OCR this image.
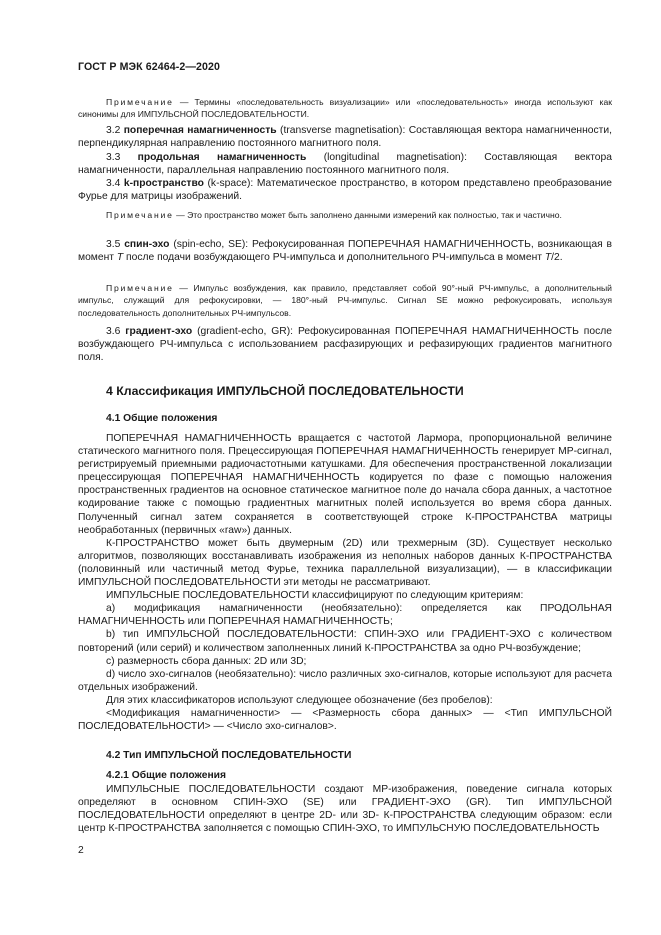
ГОСТ Р МЭК 62464-2—2020
Примечание — Термины «последовательность визуализации» или «последовательность» иногда используют как синонимы для ИМПУЛЬСНОЙ ПОСЛЕДОВАТЕЛЬНОСТИ.
3.2 поперечная намагниченность (transverse magnetisation): Составляющая вектора намагниченности, перпендикулярная направлению постоянного магнитного поля.
3.3 продольная намагниченность (longitudinal magnetisation): Составляющая вектора намагниченности, параллельная направлению постоянного магнитного поля.
3.4 k-пространство (k-space): Математическое пространство, в котором представлено преобразование Фурье для матрицы изображений.
Примечание — Это пространство может быть заполнено данными измерений как полностью, так и частично.
3.5 спин-эхо (spin-echo, SE): Рефокусированная ПОПЕРЕЧНАЯ НАМАГНИЧЕННОСТЬ, возникающая в момент T после подачи возбуждающего РЧ-импульса и дополнительного РЧ-импульса в момент T/2.
Примечание — Импульс возбуждения, как правило, представляет собой 90°-ный РЧ-импульс, а дополнительный импульс, служащий для рефокусировки, — 180°-ный РЧ-импульс. Сигнал SE можно рефокусировать, используя последовательность дополнительных РЧ-импульсов.
3.6 градиент-эхо (gradient-echo, GR): Рефокусированная ПОПЕРЕЧНАЯ НАМАГНИЧЕННОСТЬ после возбуждающего РЧ-импульса с использованием расфазирующих и рефазирующих градиентов магнитного поля.
4 Классификация ИМПУЛЬСНОЙ ПОСЛЕДОВАТЕЛЬНОСТИ
4.1 Общие положения

ПОПЕРЕЧНАЯ НАМАГНИЧЕННОСТЬ вращается с частотой Лармора, пропорциональной величине статического магнитного поля. Прецессирующая ПОПЕРЕЧНАЯ НАМАГНИЧЕННОСТЬ генерирует МР-сигнал, регистрируемый приемными радиочастотными катушками. Для обеспечения пространственной локализации прецессирующая ПОПЕРЕЧНАЯ НАМАГНИЧЕННОСТЬ кодируется по фазе с помощью наложения пространственных градиентов на основное статическое магнитное поле до начала сбора данных, а частотное кодирование также с помощью градиентных магнитных полей используется во время сбора данных. Полученный сигнал затем сохраняется в соответствующей строке К-ПРОСТРАНСТВА матрицы необработанных (первичных «raw») данных.

К-ПРОСТРАНСТВО может быть двумерным (2D) или трехмерным (3D). Существует несколько алгоритмов, позволяющих восстанавливать изображения из неполных наборов данных К-ПРОСТРАНСТВА (половинный или частичный метод Фурье, техника параллельной визуализации), — в классификации ИМПУЛЬСНОЙ ПОСЛЕДОВАТЕЛЬНОСТИ эти методы не рассматривают.

ИМПУЛЬСНЫЕ ПОСЛЕДОВАТЕЛЬНОСТИ классифицируют по следующим критериям:

a) модификация намагниченности (необязательно): определяется как ПРОДОЛЬНАЯ НАМАГНИЧЕННОСТЬ или ПОПЕРЕЧНАЯ НАМАГНИЧЕННОСТЬ;

b) тип ИМПУЛЬСНОЙ ПОСЛЕДОВАТЕЛЬНОСТИ: СПИН-ЭХО или ГРАДИЕНТ-ЭХО с количеством повторений (или серий) и количеством заполненных линий К-ПРОСТРАНСТВА за одно РЧ-возбуждение;

c) размерность сбора данных: 2D или 3D;

d) число эхо-сигналов (необязательно): число различных эхо-сигналов, которые используют для расчета отдельных изображений.

Для этих классификаторов используют следующее обозначение (без пробелов):

<Модификация намагниченности> — <Размерность сбора данных> — <Тип ИМПУЛЬСНОЙ ПОСЛЕДОВАТЕЛЬНОСТИ> — <Число эхо-сигналов>.

4.2 Тип ИМПУЛЬСНОЙ ПОСЛЕДОВАТЕЛЬНОСТИ
4.2.1 Общие положения

ИМПУЛЬСНЫЕ ПОСЛЕДОВАТЕЛЬНОСТИ создают МР-изображения, поведение сигнала которых определяют в основном СПИН-ЭХО (SE) или ГРАДИЕНТ-ЭХО (GR). Тип ИМПУЛЬСНОЙ ПОСЛЕДОВАТЕЛЬНОСТИ определяют в центре 2D- или 3D- К-ПРОСТРАНСТВА следующим образом: если центр К-ПРОСТРАНСТВА заполняется с помощью СПИН-ЭХО, то ИМПУЛЬСНУЮ ПОСЛЕДОВАТЕЛЬНОСТЬ

2
